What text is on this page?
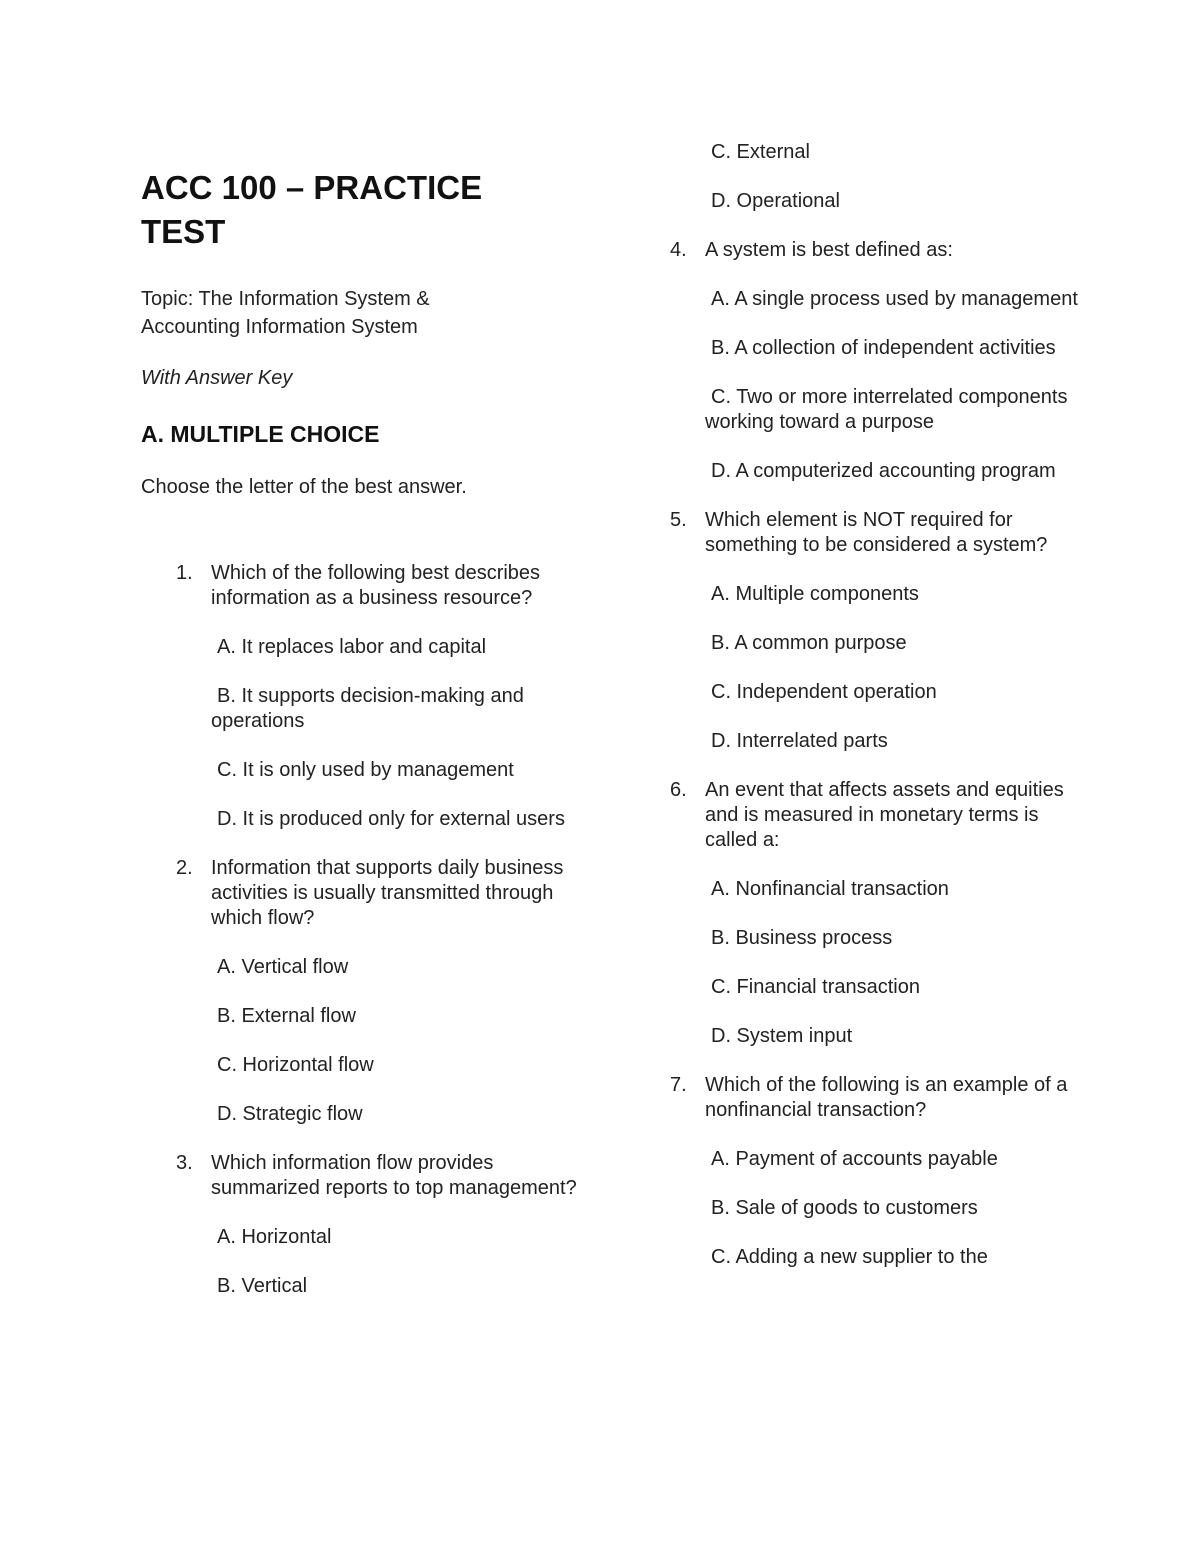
ACC 100 – PRACTICE
TEST
Topic: The Information System & Accounting Information System
With Answer Key
A. MULTIPLE CHOICE
Choose the letter of the best answer.
1. Which of the following best describes information as a business resource?
A. It replaces labor and capital
B. It supports decision-making and operations
C. It is only used by management
D. It is produced only for external users
2. Information that supports daily business activities is usually transmitted through which flow?
A. Vertical flow
B. External flow
C. Horizontal flow
D. Strategic flow
3. Which information flow provides summarized reports to top management?
A. Horizontal
B. Vertical
C. External
D. Operational
4. A system is best defined as:
A. A single process used by management
B. A collection of independent activities
C. Two or more interrelated components working toward a purpose
D. A computerized accounting program
5. Which element is NOT required for something to be considered a system?
A. Multiple components
B. A common purpose
C. Independent operation
D. Interrelated parts
6. An event that affects assets and equities and is measured in monetary terms is called a:
A. Nonfinancial transaction
B. Business process
C. Financial transaction
D. System input
7. Which of the following is an example of a nonfinancial transaction?
A. Payment of accounts payable
B. Sale of goods to customers
C. Adding a new supplier to the
